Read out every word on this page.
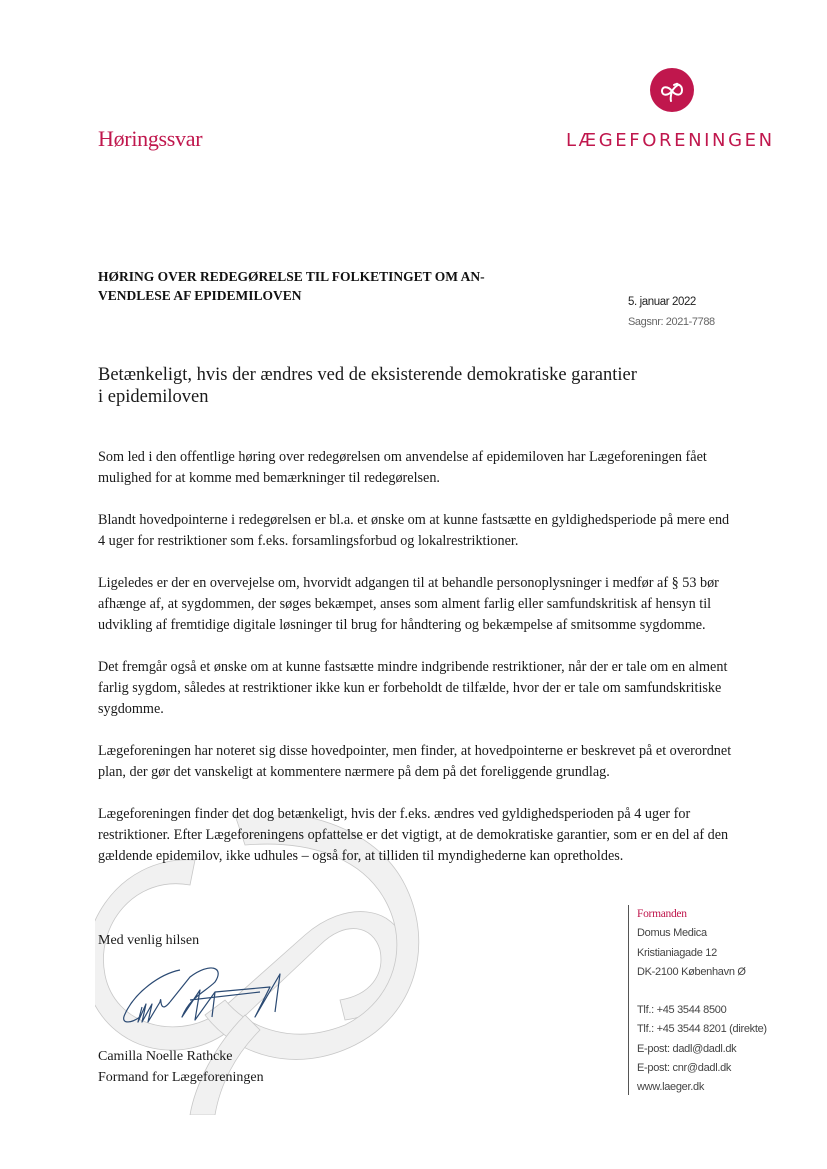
LÆGEFORENINGEN
Høringssvar
HØRING OVER REDEGØRELSE TIL FOLKETINGET OM AN-VENDLESE AF EPIDEMILOVEN	5. januar 2022
Sagsnr: 2021-7788
Betænkeligt, hvis der ændres ved de eksisterende demokratiske garantier i epidemiloven

Som led i den offentlige høring over redegørelsen om anvendelse af epidemiloven har Lægeforeningen fået mulighed for at komme med bemærkninger til redegørelsen.

Blandt hovedpointerne i redegørelsen er bl.a. et ønske om at kunne fastsætte en gyldighedsperiode på mere end 4 uger for restriktioner som f.eks. forsamlingsforbud og lokalrestriktioner.

Ligeledes er der en overvejelse om, hvorvidt adgangen til at behandle personoplysninger i medfør af § 53 bør afhænge af, at sygdommen, der søges bekæmpet, anses som alment farlig eller samfundskritisk af hensyn til udvikling af fremtidige digitale løsninger til brug for håndtering og bekæmpelse af smitsomme sygdomme.

Det fremgår også et ønske om at kunne fastsætte mindre indgribende restriktioner, når der er tale om en alment farlig sygdom, således at restriktioner ikke kun er forbeholdt de tilfælde, hvor der er tale om samfundskritiske sygdomme.

Lægeforeningen har noteret sig disse hovedpointer, men finder, at hovedpointerne er beskrevet på et overordnet plan, der gør det vanskeligt at kommentere nærmere på dem på det foreliggende grundlag.

Lægeforeningen finder det dog betænkeligt, hvis der f.eks. ændres ved gyldighedsperioden på 4 uger for restriktioner. Efter Lægeforeningens opfattelse er det vigtigt, at de demokratiske garantier, som er en del af den gældende epidemilov, ikke udhules – også for, at tilliden til myndighederne kan opretholdes.

Med venlig hilsen
Camilla Noelle Rathcke
Formand for Lægeforeningen
Formanden
Domus Medica
Kristianiagade 12
DK-2100 København Ø
Tlf.: +45 3544 8500
Tlf.: +45 3544 8201 (direkte)
E-post: dadl@dadl.dk
E-post: cnr@dadl.dk
www.laeger.dk
